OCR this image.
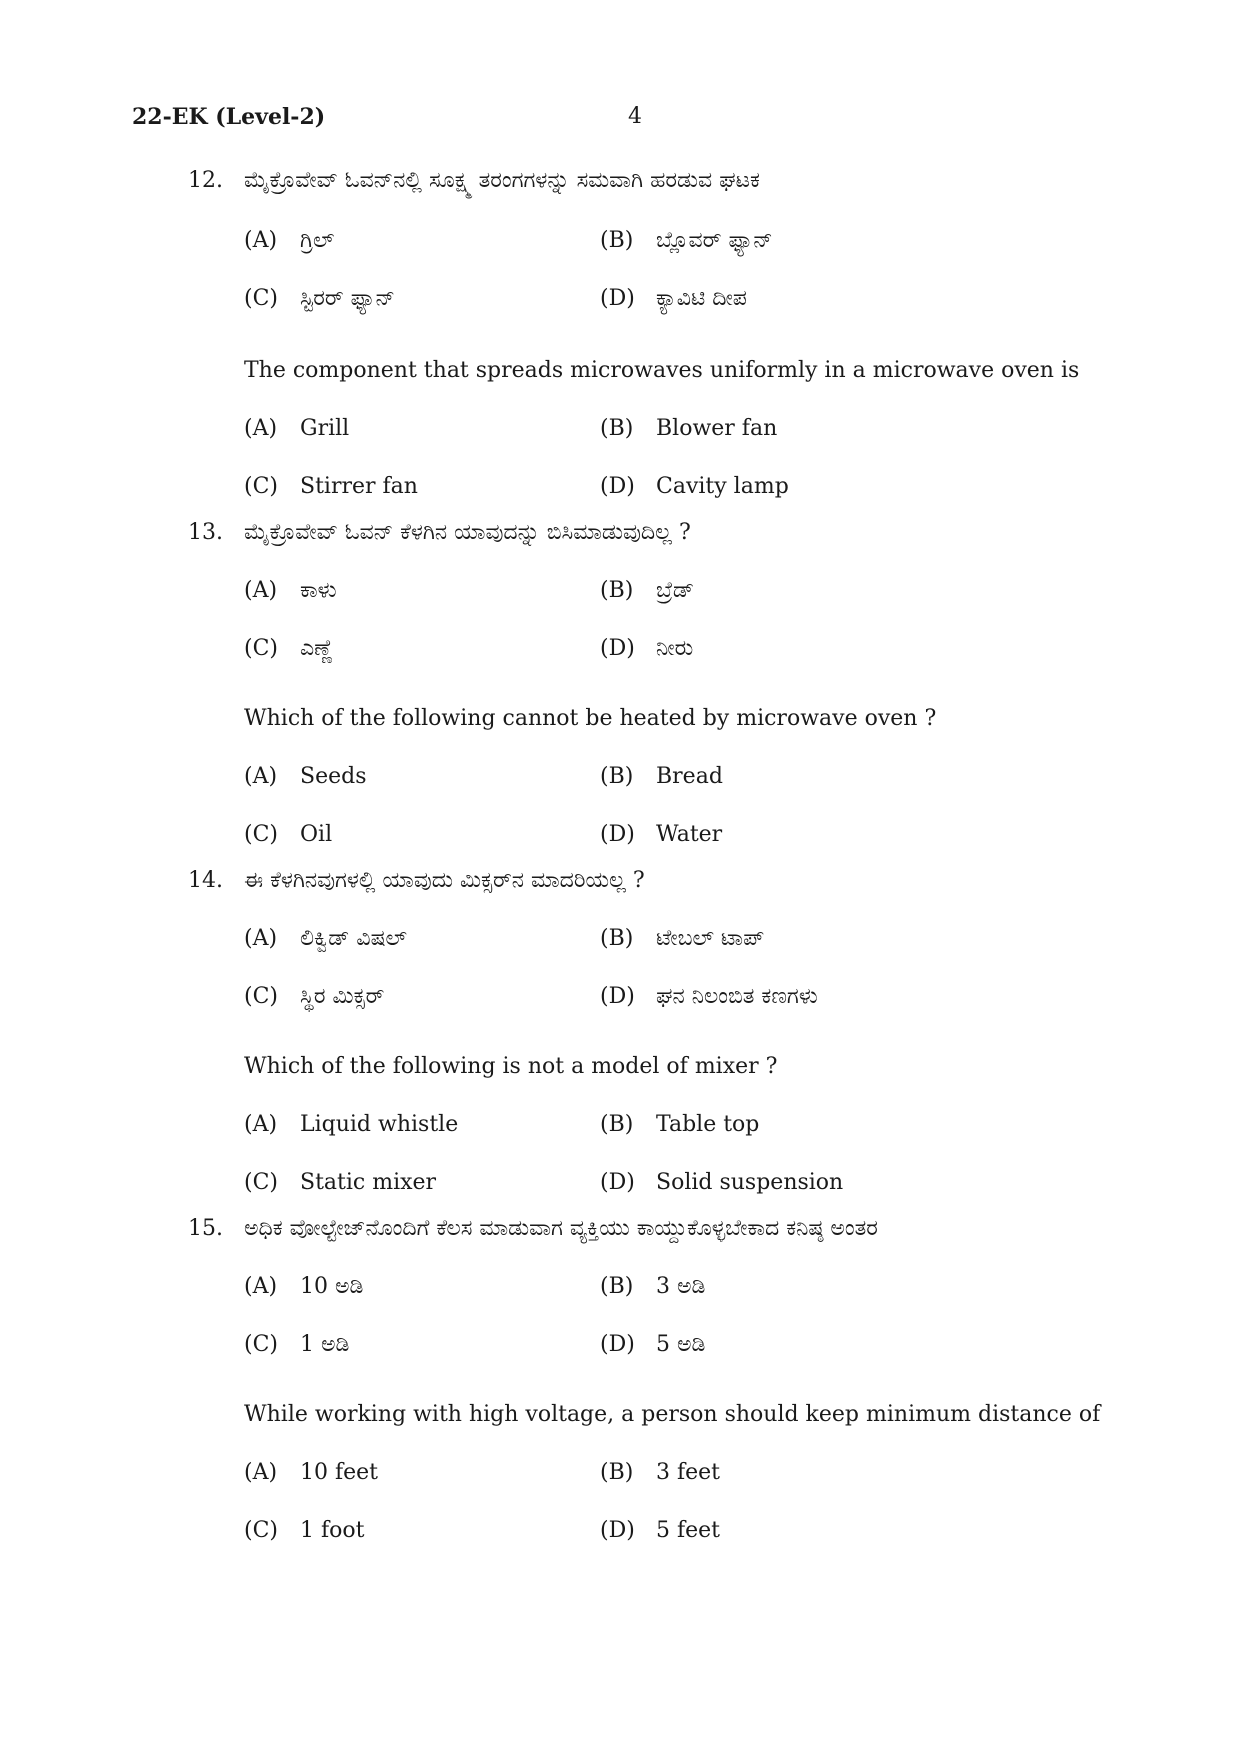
22-EK (Level-2)	4
12. ಮೈಕ್ರೊವೇವ್ ಓವನ್‌ನಲ್ಲಿ ಸೂಕ್ಷ್ಮ ತರಂಗಗಳನ್ನು ಸಮವಾಗಿ ಹರಡುವ ಘಟಕ
(A) ಗ್ರಿಲ್	(B) ಬ್ಲೊವರ್ ಫ್ಯಾನ್
(C) ಸ್ಟಿರರ್ ಫ್ಯಾನ್	(D) ಕ್ಯಾವಿಟಿ ದೀಪ
The component that spreads microwaves uniformly in a microwave oven is
(A) Grill	(B) Blower fan
(C) Stirrer fan	(D) Cavity lamp
13. ಮೈಕ್ರೊವೇವ್ ಓವನ್ ಕೆಳಗಿನ ಯಾವುದನ್ನು ಬಿಸಿಮಾಡುವುದಿಲ್ಲ ?
(A) ಕಾಳು	(B) ಬ್ರೆಡ್
(C) ಎಣ್ಣೆ	(D) ನೀರು
Which of the following cannot be heated by microwave oven ?
(A) Seeds	(B) Bread
(C) Oil	(D) Water
14. ಈ ಕೆಳಗಿನವುಗಳಲ್ಲಿ ಯಾವುದು ಮಿಕ್ಸರ್‌ನ ಮಾದರಿಯಲ್ಲ ?
(A) ಲಿಕ್ವಿಡ್ ವಿಷಲ್	(B) ಟೇಬಲ್ ಟಾಪ್
(C) ಸ್ಥಿರ ಮಿಕ್ಸರ್	(D) ಘನ ನಿಲಂಬಿತ ಕಣಗಳು
Which of the following is not a model of mixer ?
(A) Liquid whistle	(B) Table top
(C) Static mixer	(D) Solid suspension
15. ಅಧಿಕ ವೋಲ್ಟೇಜ್‌ನೊಂದಿಗೆ ಕೆಲಸ ಮಾಡುವಾಗ ವ್ಯಕ್ತಿಯು ಕಾಯ್ದುಕೊಳ್ಳಬೇಕಾದ ಕನಿಷ್ಠ ಅಂತರ
(A) 10 ಅಡಿ	(B) 3 ಅಡಿ
(C) 1 ಅಡಿ	(D) 5 ಅಡಿ
While working with high voltage, a person should keep minimum distance of
(A) 10 feet	(B) 3 feet
(C) 1 foot	(D) 5 feet
